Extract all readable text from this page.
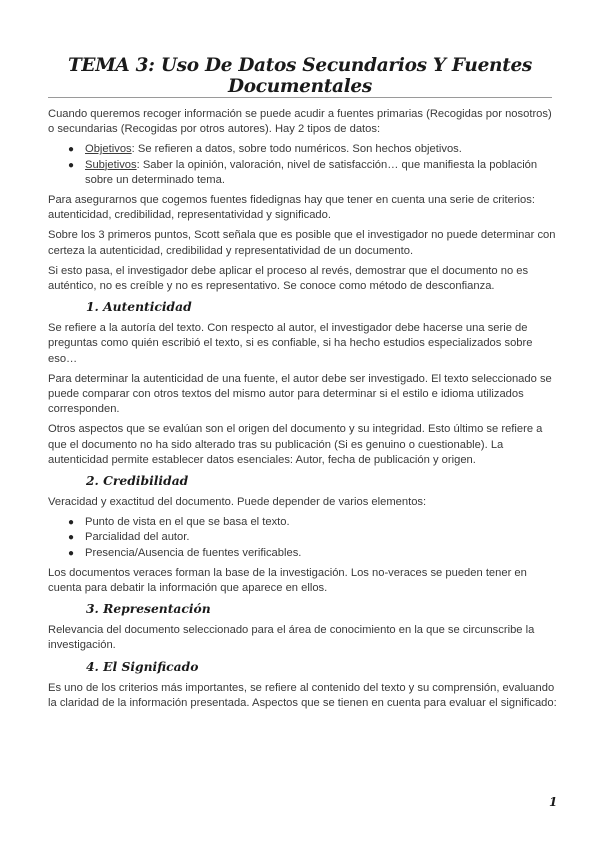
TEMA 3: Uso De Datos Secundarios Y Fuentes Documentales

Cuando queremos recoger información se puede acudir a fuentes primarias (Recogidas por nosotros) o secundarias (Recogidas por otros autores). Hay 2 tipos de datos:

● Objetivos: Se refieren a datos, sobre todo numéricos. Son hechos objetivos.
● Subjetivos: Saber la opinión, valoración, nivel de satisfacción… que manifiesta la población sobre un determinado tema.

Para asegurarnos que cogemos fuentes fidedignas hay que tener en cuenta una serie de criterios: autenticidad, credibilidad, representatividad y significado.

Sobre los 3 primeros puntos, Scott señala que es posible que el investigador no puede determinar con certeza la autenticidad, credibilidad y representatividad de un documento.

Si esto pasa, el investigador debe aplicar el proceso al revés, demostrar que el documento no es auténtico, no es creíble y no es representativo. Se conoce como método de desconfianza.

1. Autenticidad

Se refiere a la autoría del texto. Con respecto al autor, el investigador debe hacerse una serie de preguntas como quién escribió el texto, si es confiable, si ha hecho estudios especializados sobre eso…

Para determinar la autenticidad de una fuente, el autor debe ser investigado. El texto seleccionado se puede comparar con otros textos del mismo autor para determinar si el estilo e idioma utilizados corresponden.

Otros aspectos que se evalúan son el origen del documento y su integridad. Esto último se refiere a que el documento no ha sido alterado tras su publicación (Si es genuino o cuestionable). La autenticidad permite establecer datos esenciales: Autor, fecha de publicación y origen.

2. Credibilidad

Veracidad y exactitud del documento. Puede depender de varios elementos:

● Punto de vista en el que se basa el texto.
● Parcialidad del autor.
● Presencia/Ausencia de fuentes verificables.

Los documentos veraces forman la base de la investigación. Los no-veraces se pueden tener en cuenta para debatir la información que aparece en ellos.

3. Representación

Relevancia del documento seleccionado para el área de conocimiento en la que se circunscribe la investigación.

4. El Significado

Es uno de los criterios más importantes, se refiere al contenido del texto y su comprensión, evaluando la claridad de la información presentada. Aspectos que se tienen en cuenta para evaluar el significado:

1
